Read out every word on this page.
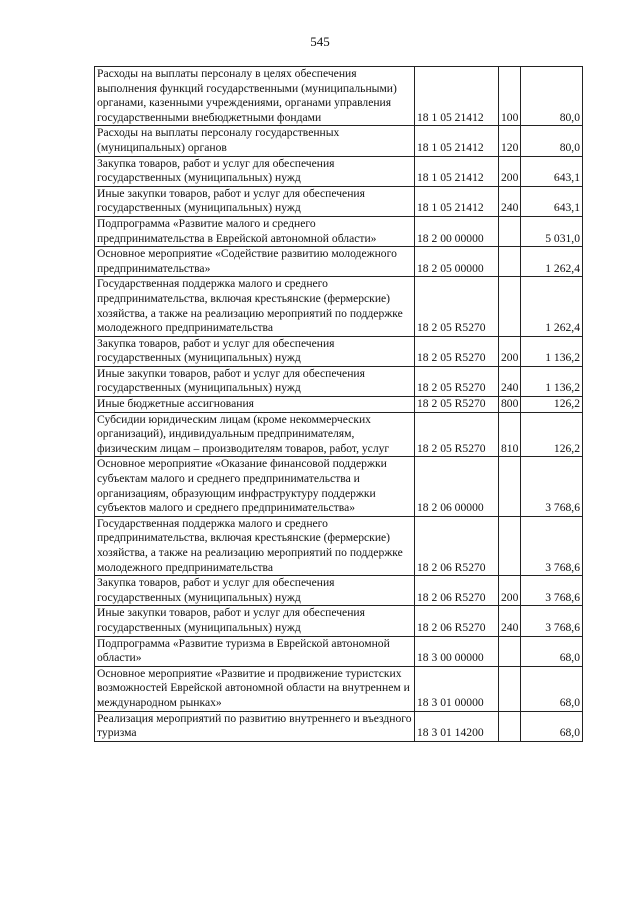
545
Расходы на выплаты персоналу в целях обеспечения выполнения функций государственными (муниципальными) органами, казенными учреждениями, органами управления государственными внебюджетными фондами	18 1 05 21412	100	80,0
Расходы на выплаты персоналу государственных (муниципальных) органов	18 1 05 21412	120	80,0
Закупка товаров, работ и услуг для обеспечения государственных (муниципальных) нужд	18 1 05 21412	200	643,1
Иные закупки товаров, работ и услуг для обеспечения государственных (муниципальных) нужд	18 1 05 21412	240	643,1
Подпрограмма «Развитие малого и среднего предпринимательства в Еврейской автономной области»	18 2 00 00000		5 031,0
Основное мероприятие «Содействие развитию молодежного предпринимательства»	18 2 05 00000		1 262,4
Государственная поддержка малого и среднего предпринимательства, включая крестьянские (фермерские) хозяйства, а также на реализацию мероприятий по поддержке молодежного предпринимательства	18 2 05 R5270		1 262,4
Закупка товаров, работ и услуг для обеспечения государственных (муниципальных) нужд	18 2 05 R5270	200	1 136,2
Иные закупки товаров, работ и услуг для обеспечения государственных (муниципальных) нужд	18 2 05 R5270	240	1 136,2
Иные бюджетные ассигнования	18 2 05 R5270	800	126,2
Субсидии юридическим лицам (кроме некоммерческих организаций), индивидуальным предпринимателям, физическим лицам – производителям товаров, работ, услуг	18 2 05 R5270	810	126,2
Основное мероприятие «Оказание финансовой поддержки субъектам малого и среднего предпринимательства и организациям, образующим инфраструктуру поддержки субъектов малого и среднего предпринимательства»	18 2 06 00000		3 768,6
Государственная поддержка малого и среднего предпринимательства, включая крестьянские (фермерские) хозяйства, а также на реализацию мероприятий по поддержке молодежного предпринимательства	18 2 06 R5270		3 768,6
Закупка товаров, работ и услуг для обеспечения государственных (муниципальных) нужд	18 2 06 R5270	200	3 768,6
Иные закупки товаров, работ и услуг для обеспечения государственных (муниципальных) нужд	18 2 06 R5270	240	3 768,6
Подпрограмма «Развитие туризма в Еврейской автономной области»	18 3 00 00000		68,0
Основное мероприятие «Развитие и продвижение туристских возможностей Еврейской автономной области на внутреннем и международном рынках»	18 3 01 00000		68,0
Реализация мероприятий по развитию внутреннего и въездного туризма	18 3 01 14200		68,0
